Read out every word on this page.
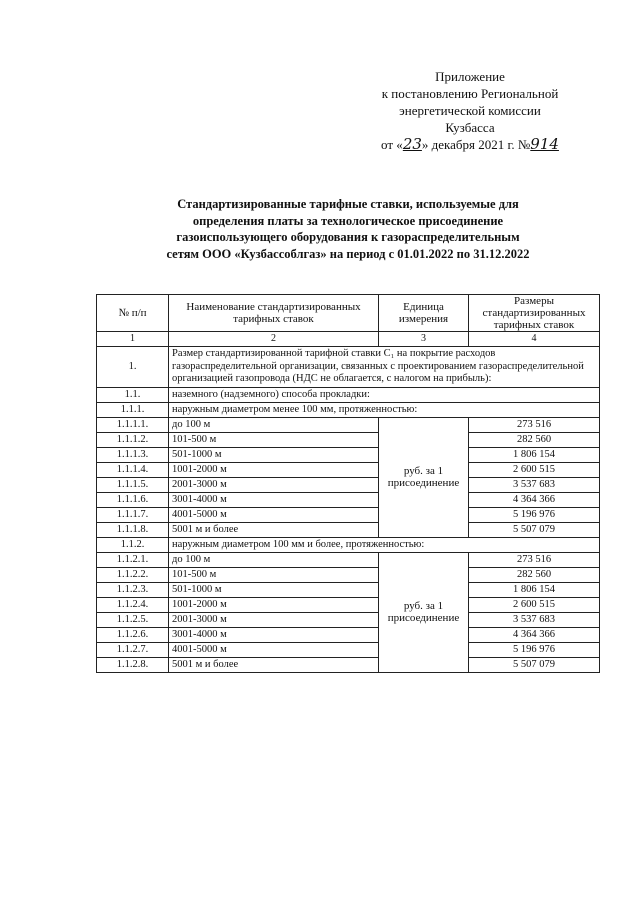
Приложение
к постановлению Региональной
энергетической комиссии
Кузбасса
от «23» декабря 2021 г. №914
Стандартизированные тарифные ставки, используемые для
определения платы за технологическое присоединение
газоиспользующего оборудования к газораспределительным
сетям ООО «Кузбассоблгаз» на период с 01.01.2022 по 31.12.2022
№ п/п	Наименование стандартизированных тарифных ставок	Единица измерения	Размеры стандартизированных тарифных ставок
1	2	3	4
1.	Размер стандартизированной тарифной ставки С₁ на покрытие расходов газораспределительной организации, связанных с проектированием газораспределительной организацией газопровода (НДС не облагается, с налогом на прибыль):		
1.1.	наземного (надземного) способа прокладки:		
1.1.1.	наружным диаметром менее 100 мм, протяженностью:		
1.1.1.1.	до 100 м	руб. за 1 присоединение	273 516
1.1.1.2.	101-500 м		282 560
1.1.1.3.	501-1000 м		1 806 154
1.1.1.4.	1001-2000 м		2 600 515
1.1.1.5.	2001-3000 м		3 537 683
1.1.1.6.	3001-4000 м		4 364 366
1.1.1.7.	4001-5000 м		5 196 976
1.1.1.8.	5001 м и более		5 507 079
1.1.2.	наружным диаметром 100 мм и более, протяженностью:		
1.1.2.1.	до 100 м	руб. за 1 присоединение	273 516
1.1.2.2.	101-500 м		282 560
1.1.2.3.	501-1000 м		1 806 154
1.1.2.4.	1001-2000 м		2 600 515
1.1.2.5.	2001-3000 м		3 537 683
1.1.2.6.	3001-4000 м		4 364 366
1.1.2.7.	4001-5000 м		5 196 976
1.1.2.8.	5001 м и более		5 507 079
